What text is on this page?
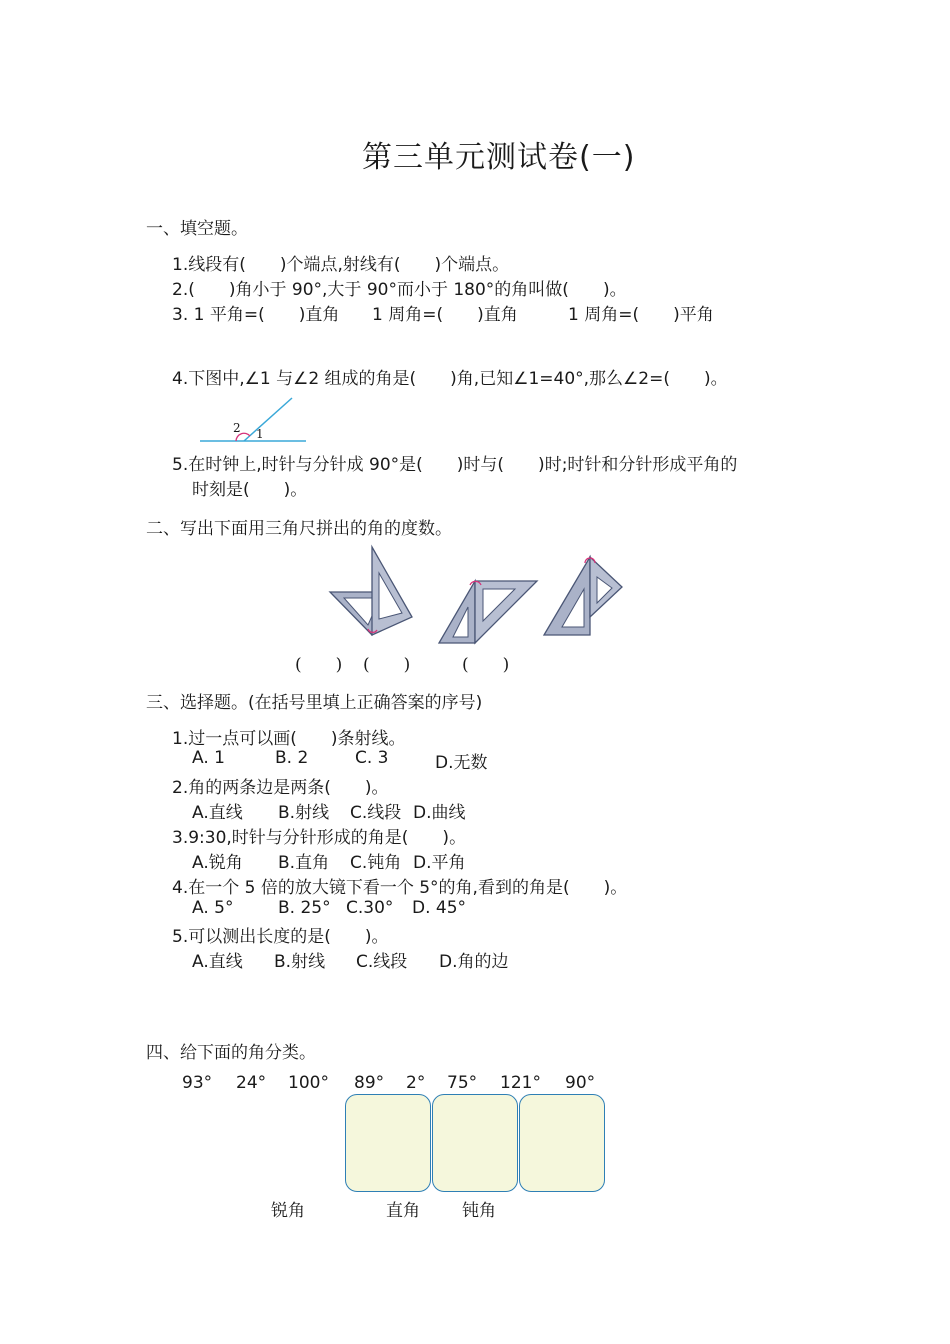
第三单元测试卷(一)
一、填空题。
1.线段有(　　)个端点,射线有(　　)个端点。
2.(　　)角小于 90°,大于 90°而小于 180°的角叫做(　　)。
3. 1 平角=(　　)直角 1 周角=(　　)直角	1 周角=(　　)平角
4.下图中,∠1 与∠2 组成的角是(　　)角,已知∠1=40°,那么∠2=(　　)。
2 1
5.在时钟上,时针与分针成 90°是(　　)时与(　　)时;时针和分针形成平角的
时刻是(　　)。
二、写出下面用三角尺拼出的角的度数。
(　　) (　　)	(　　)
三、选择题。(在括号里填上正确答案的序号)
1.过一点可以画(　　)条射线。
A. 1	B. 2	C. 3	D.无数
2.角的两条边是两条(　　)。
A.直线 B.射线 C.线段 D.曲线
3.9:30,时针与分针形成的角是(　　)。
A.锐角 B.直角 C.钝角 D.平角
4.在一个 5 倍的放大镜下看一个 5°的角,看到的角是(　　)。
A. 5°	B. 25° C.30° D. 45°
5.可以测出长度的是(　　)。
A.直线 B.射线 C.线段 D.角的边
四、给下面的角分类。
93° 24° 100° 89° 2° 75° 121° 90°
锐角	直角 钝角
